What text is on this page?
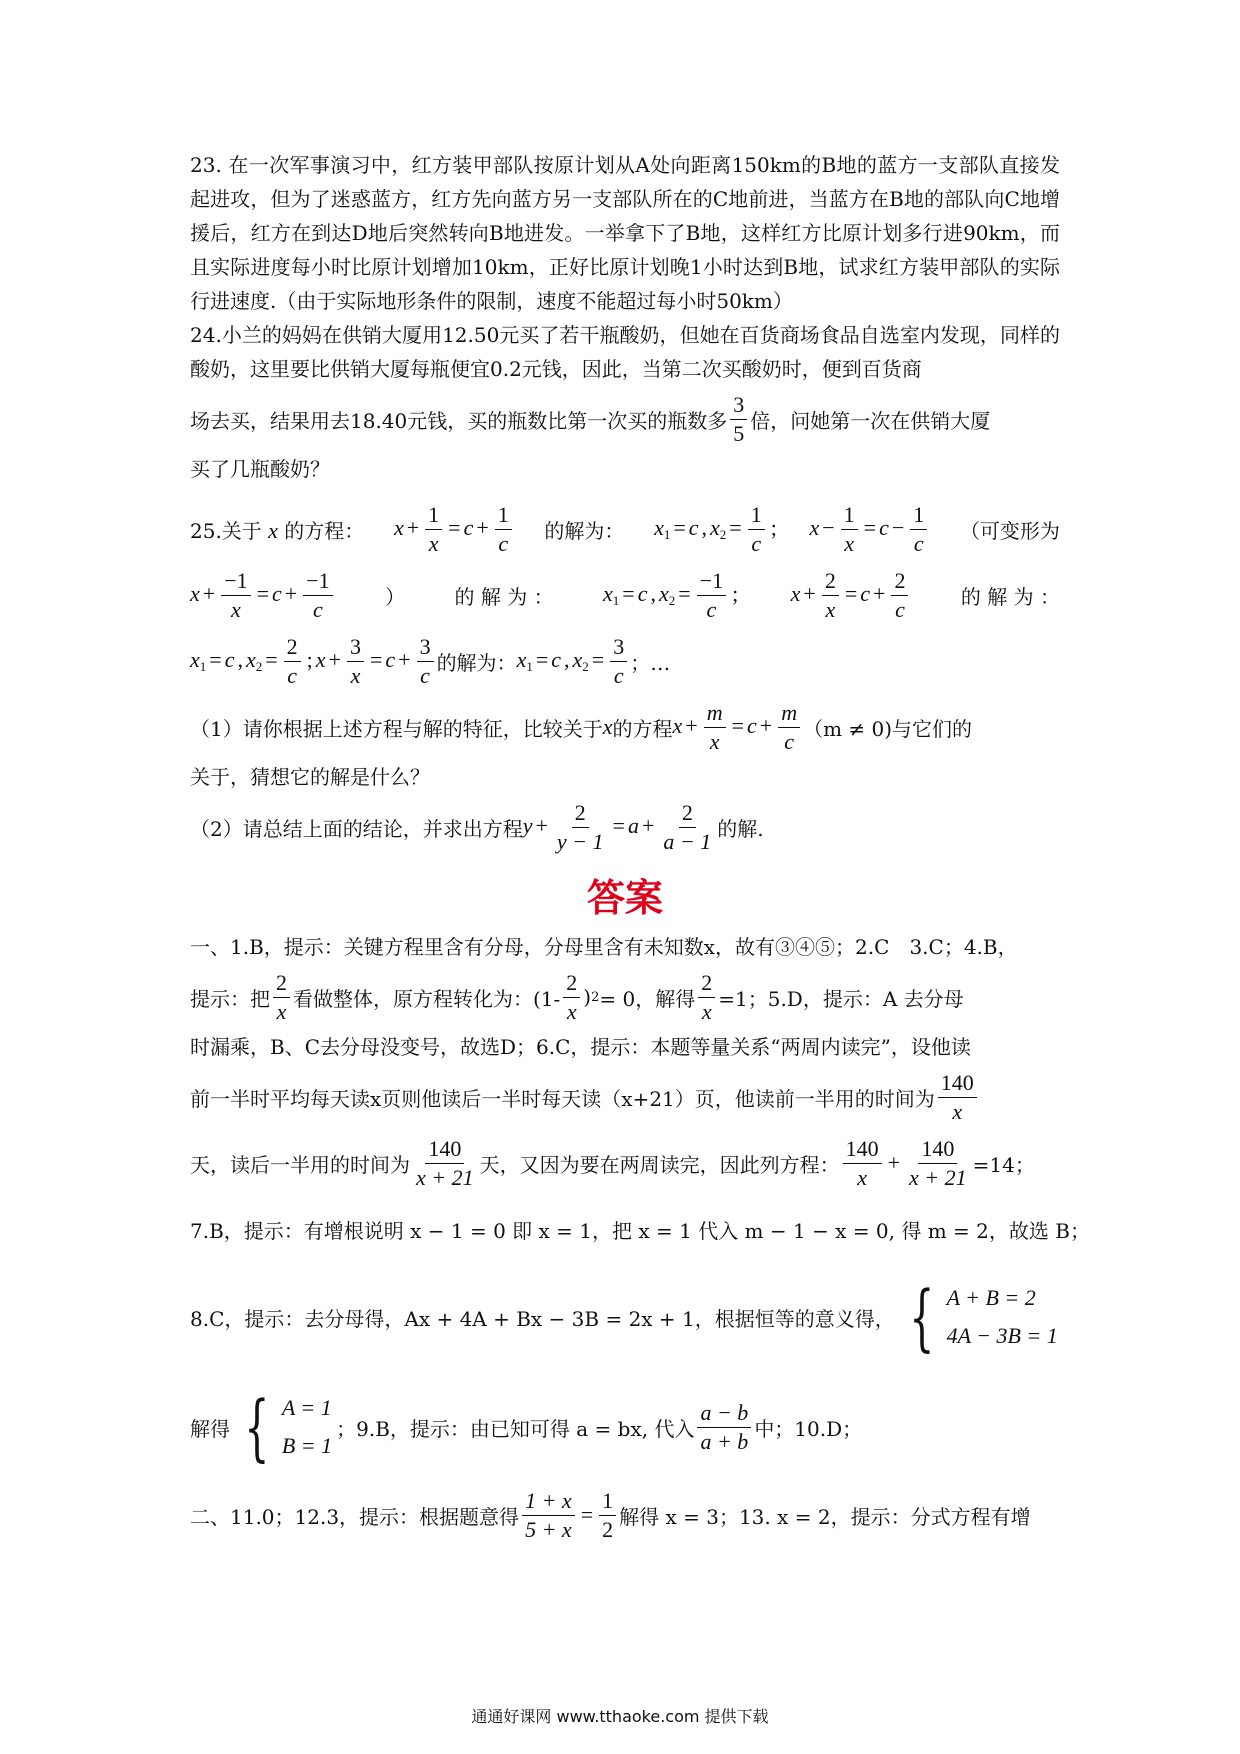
23. 在一次军事演习中，红方装甲部队按原计划从A处向距离150km的B地的蓝方一支部队直接发起进攻，但为了迷惑蓝方，红方先向蓝方另一支部队所在的C地前进，当蓝方在B地的部队向C地增援后，红方在到达D地后突然转向B地进发。一举拿下了B地，这样红方比原计划多行进90km，而且实际进度每小时比原计划增加10km，正好比原计划晚1小时达到B地，试求红方装甲部队的实际行进速度.（由于实际地形条件的限制，速度不能超过每小时50km）

24.小兰的妈妈在供销大厦用12.50元买了若干瓶酸奶，但她在百货商场食品自选室内发现，同样的酸奶，这里要比供销大厦每瓶便宜0.2元钱，因此，当第二次买酸奶时，便到百货商

场去买，结果用去18.40元钱，买的瓶数比第一次买的瓶数多 $\frac{3}{5}$ 倍，问她第一次在供销大厦

买了几瓶酸奶？

25.关于 x 的方程： $x + \frac{1}{x} = c + \frac{1}{c}$ 的解为： $x_1 = c$ , $x_2 = \frac{1}{c}$ ; $x - \frac{1}{x} = c - \frac{1}{c}$ （可变形为

$x + \frac{-1}{x} = c + \frac{-1}{c}$	） 的 解 为 ： $x_1 = c$ , $x_2 = \frac{-1}{c}$ ; $x + \frac{2}{x} = c + \frac{2}{c}$	的 解 为 ：

$x_1 = c$ , $x_2 = \frac{2}{c}$ ; $x + \frac{3}{x} = c + \frac{3}{c}$ 的解为： $x_1 = c$ , $x_2 = \frac{3}{c}$ ；…

（1）请你根据上述方程与解的特征，比较关于 x 的方程 $x + \frac{m}{x} = c + \frac{m}{c} (m \ne 0)$与它们的

关于，猜想它的解是什么？

（2）请总结上面的结论，并求出方程 $y + \frac{2}{y - 1} = a + \frac{2}{a - 1}$ 的解.

答案

一、1.B，提示：关键方程里含有分母，分母里含有未知数x，故有③④⑤；2.C　3.C；4.B，

提示：把 $\frac{2}{x}$ 看做整体，原方程转化为：($1- \frac{2}{x}$ ) 2 = 0，解得 $\frac{2}{x} =1$；5.D，提示：A 去分母

时漏乘，B、C去分母没变号，故选D；6.C，提示：本题等量关系“两周内读完”，设他读

前一半时平均每天读x页则他读后一半时每天读（x+21）页，他读前一半用的时间为 $\frac{140}{x}$

天，读后一半用的时间为 $\frac{140}{x + 21}$ 天，又因为要在两周读完，因此列方程： $\frac{140}{x} + \frac{140}{x + 21} =14$；

7.B，提示：有增根说明 x − 1 = 0 即 x = 1，把 x = 1 代入 m − 1 − x = 0, 得 m = 2，故选 B；

8.C，提示：去分母得，Ax + 4A + Bx − 3B = 2x + 1，根据恒等的意义得， { A + B = 2
4A − 3B = 1

解得 { A = 1
B = 1
；9.B，提示：由已知可得 a = bx, 代入 $\frac{a - b}{a + b}$ 中；10.D；

二、11.0；12.3，提示：根据题意得 $\frac{1 + x}{5 + x} = \frac{1}{2}$ 解得 x = 3；13. x = 2，提示：分式方程有增

通通好课网 www.tthaoke.com 提供下载
